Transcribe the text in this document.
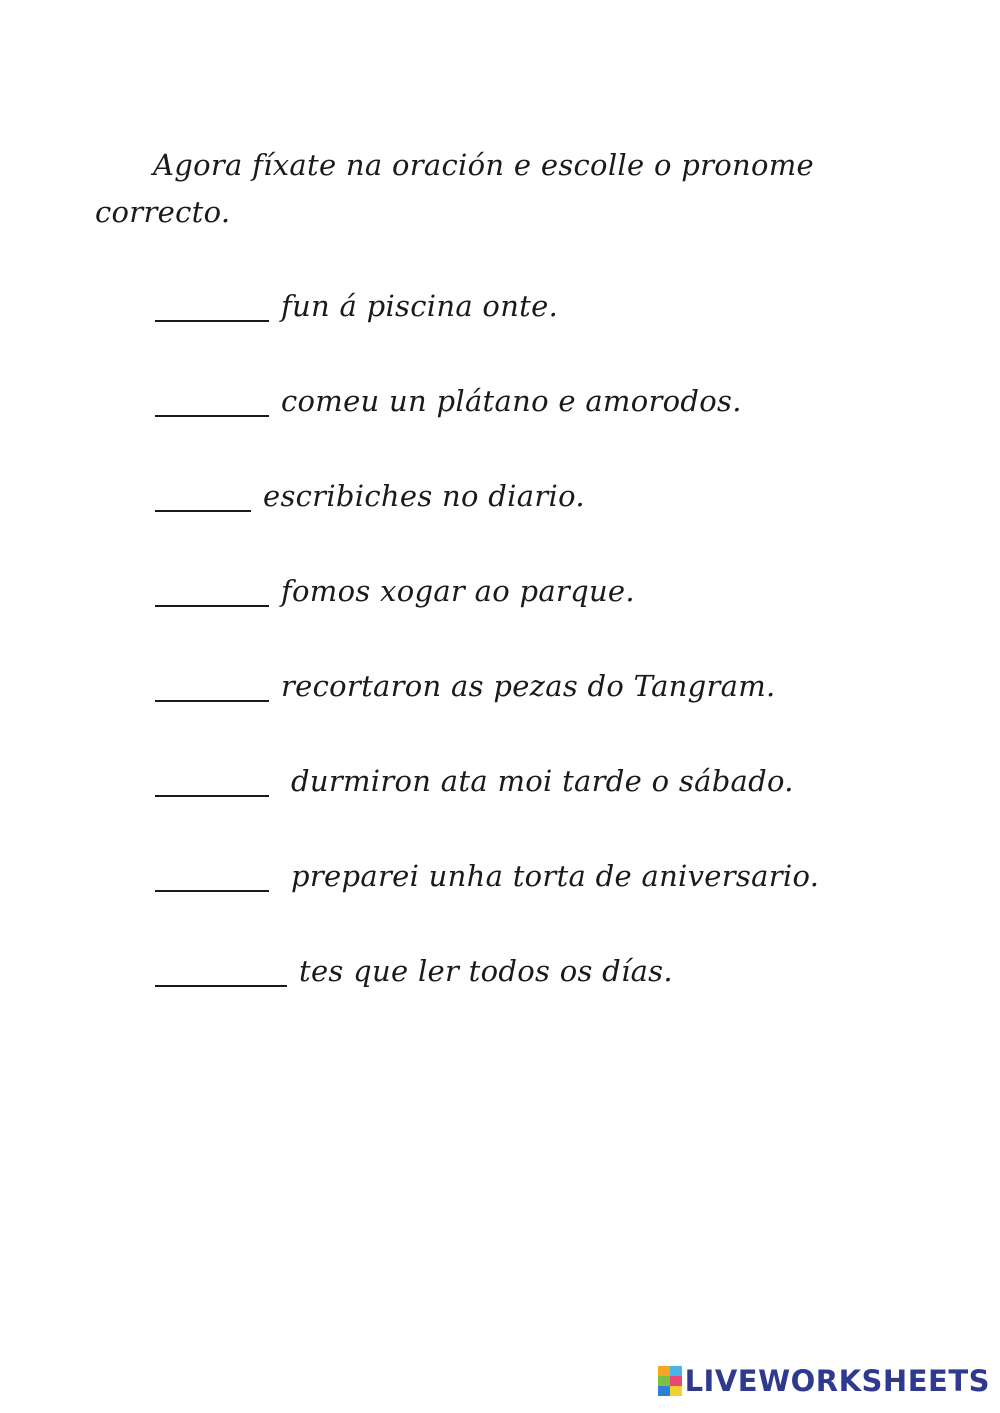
Agora fíxate na oración e escolle o pronome correcto.

fun á piscina onte.
comeu un plátano e amorodos.
escribiches no diario.
fomos xogar ao parque.
recortaron as pezas do Tangram.
durmiron ata moi tarde o sábado.
preparei unha torta de aniversario.
tes que ler todos os días.
LIVEWORKSHEETS
